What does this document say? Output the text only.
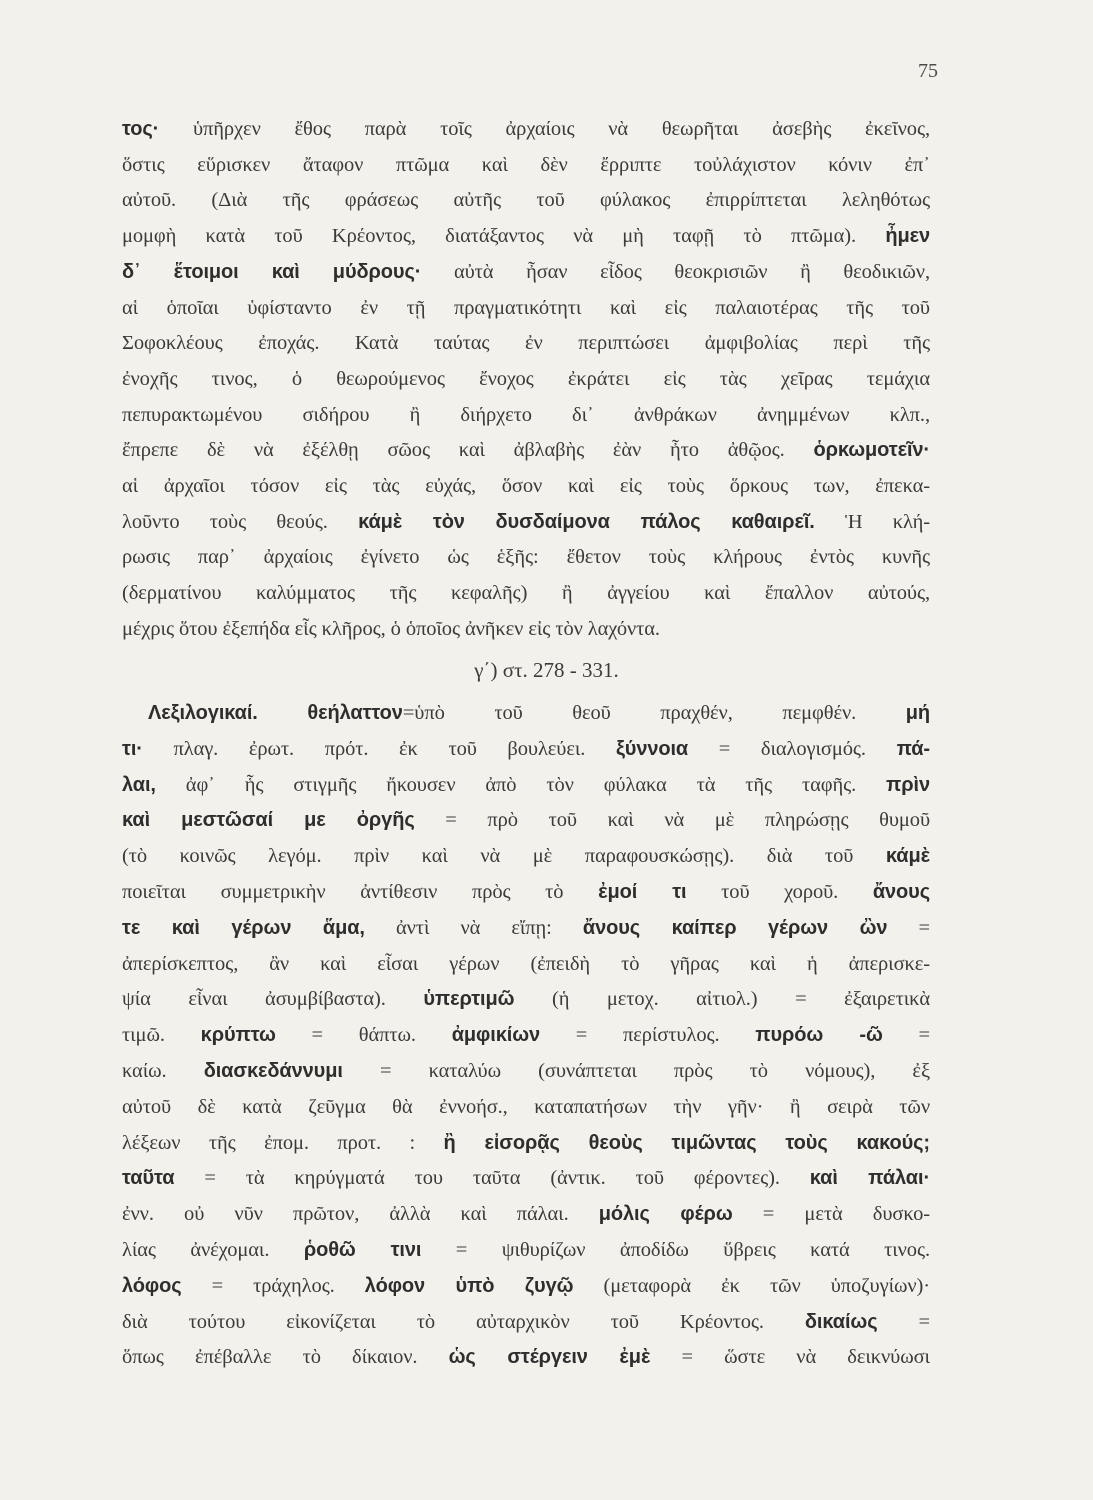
75
τος· ὑπῆρχεν ἔθος παρὰ τοῖς ἀρχαίοις νὰ θεωρῆται ἀσεβὴς ἐκεῖνος,
ὅστις εὕρισκεν ἄταφον πτῶμα καὶ δὲν ἔρριπτε τοὐλάχιστον κόνιν ἐπ᾽
αὐτοῦ. (Διὰ τῆς φράσεως αὐτῆς τοῦ φύλακος ἐπιρρίπτεται λεληθότως
μομφὴ κατὰ τοῦ Κρέοντος, διατάξαντος νὰ μὴ ταφῇ τὸ πτῶμα). ἦμεν
δ᾽ ἕτοιμοι καὶ μύδρους· αὐτὰ ἦσαν εἶδος θεοκρισιῶν ἢ θεοδικιῶν,
αἱ ὁποῖαι ὑφίσταντο ἐν τῇ πραγματικότητι καὶ εἰς παλαιοτέρας τῆς τοῦ
Σοφοκλέους ἐποχάς. Κατὰ ταύτας ἐν περιπτώσει ἀμφιβολίας περὶ τῆς
ἐνοχῆς τινος, ὁ θεωρούμενος ἔνοχος ἐκράτει εἰς τὰς χεῖρας τεμάχια
πεπυρακτωμένου σιδήρου ἢ διήρχετο δι᾽ ἀνθράκων ἀνημμένων κλπ.,
ἔπρεπε δὲ νὰ ἐξέλθῃ σῶος καὶ ἀβλαβὴς ἐὰν ἦτο ἀθῷος. ὁρκωμοτεῖν·
αἱ ἀρχαῖοι τόσον εἰς τὰς εὐχάς, ὅσον καὶ εἰς τοὺς ὅρκους των, ἐπεκα-
λοῦντο τοὺς θεούς. κάμὲ τὸν δυσδαίμονα πάλος καθαιρεῖ. Ἡ κλή-
ρωσις παρ᾽ ἀρχαίοις ἐγίνετο ὡς ἑξῆς: ἔθετον τοὺς κλήρους ἐντὸς κυνῆς
(δερματίνου καλύμματος τῆς κεφαλῆς) ἢ ἀγγείου καὶ ἔπαλλον αὐτούς,
μέχρις ὅτου ἐξεπήδα εἷς κλῆρος, ὁ ὁποῖος ἀνῆκεν εἰς τὸν λαχόντα.
γ΄) στ. 278 - 331.
Λεξιλογικαί. θεήλαττον=ὑπὸ τοῦ θεοῦ πραχθέν, πεμφθέν. μή
τι· πλαγ. ἐρωτ. πρότ. ἐκ τοῦ βουλεύει. ξύννοια = διαλογισμός. πά-
λαι, ἀφ᾽ ἧς στιγμῆς ἤκουσεν ἀπὸ τὸν φύλακα τὰ τῆς ταφῆς. πρὶν
καὶ μεστῶσαί με ὀργῆς = πρὸ τοῦ καὶ νὰ μὲ πληρώσῃς θυμοῦ
(τὸ κοινῶς λεγόμ. πρὶν καὶ νὰ μὲ παραφουσκώσῃς). διὰ τοῦ κάμὲ
ποιεῖται συμμετρικὴν ἀντίθεσιν πρὸς τὸ ἐμοί τι τοῦ χοροῦ. ἄνους
τε καὶ γέρων ἅμα, ἀντὶ νὰ εἴπῃ: ἄνους καίπερ γέρων ὢν =
ἀπερίσκεπτος, ἂν καὶ εἶσαι γέρων (ἐπειδὴ τὸ γῆρας καὶ ἡ ἀπερισκε-
ψία εἶναι ἀσυμβίβαστα). ὑπερτιμῶ (ἡ μετοχ. αἰτιολ.) = ἐξαιρετικὰ
τιμῶ. κρύπτω = θάπτω. ἀμφικίων = περίστυλος. πυρόω -ῶ =
καίω. διασκεδάννυμι = καταλύω (συνάπτεται πρὸς τὸ νόμους), ἐξ
αὐτοῦ δὲ κατὰ ζεῦγμα θὰ ἐννοήσ., καταπατήσων τὴν γῆν· ἢ σειρὰ τῶν
λέξεων τῆς ἐπομ. προτ. : ἢ εἰσορᾷς θεοὺς τιμῶντας τοὺς κακούς;
ταῦτα = τὰ κηρύγματά του ταῦτα (ἀντικ. τοῦ φέροντες). καὶ πάλαι·
ἐνν. οὐ νῦν πρῶτον, ἀλλὰ καὶ πάλαι. μόλις φέρω = μετὰ δυσκο-
λίας ἀνέχομαι. ῥοθῶ τινι = ψιθυρίζων ἀποδίδω ὕβρεις κατά τινος.
λόφος = τράχηλος. λόφον ὑπὸ ζυγῷ (μεταφορὰ ἐκ τῶν ὑποζυγίων)·
διὰ τούτου εἰκονίζεται τὸ αὐταρχικὸν τοῦ Κρέοντος. δικαίως =
ὅπως ἐπέβαλλε τὸ δίκαιον. ὡς στέργειν ἐμὲ = ὥστε νὰ δεικνύωσι
